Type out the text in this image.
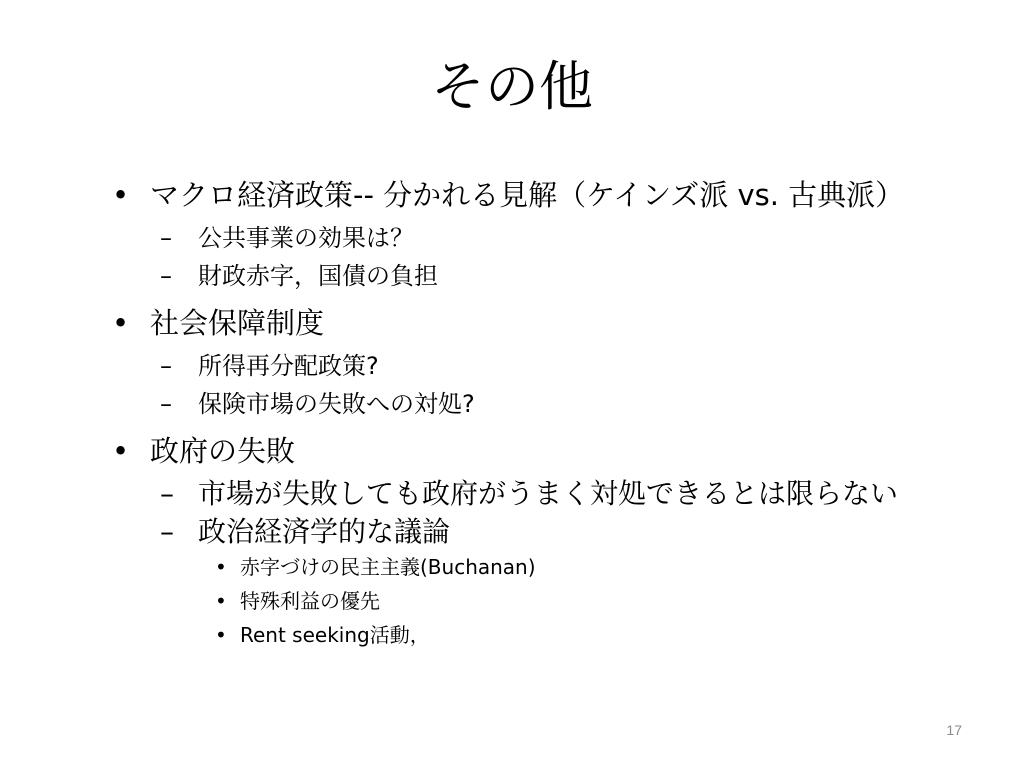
その他
• マクロ経済政策-- 分かれる見解（ケインズ派 vs. 古典派）
–	公共事業の効果は？
–	財政赤字，国債の負担
• 社会保障制度
–	所得再分配政策?
–	保険市場の失敗への対処?
• 政府の失敗
– 市場が失敗しても政府がうまく対処できるとは限らない
– 政治経済学的な議論
• 赤字づけの民主主義(Buchanan)
• 特殊利益の優先
• Rent seeking活動，
17
